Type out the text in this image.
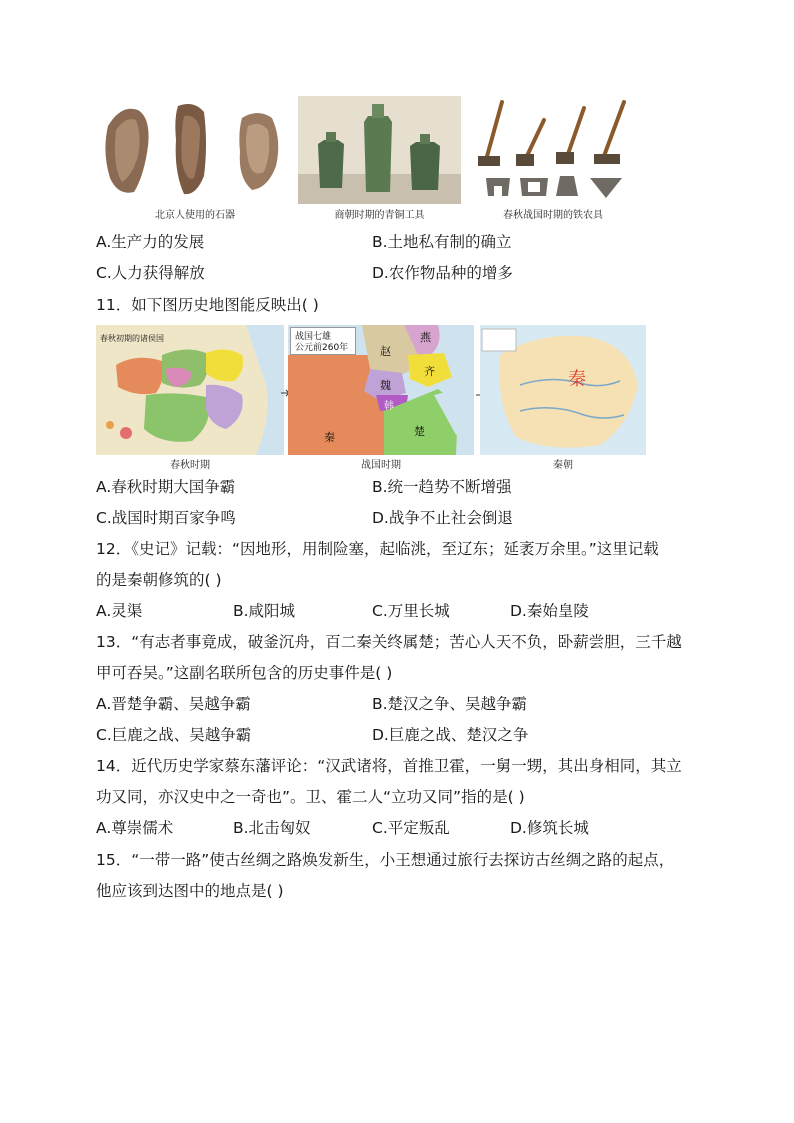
北京人使用的石器	商朝时期的青铜工具	春秋战国时期的铁农具
A.生产力的发展	B.土地私有制的确立
C.人力获得解放	D.农作物品种的增多
11．如下图历史地图能反映出( )
春秋初期的诸侯国
春秋时期
战国七雄
公元前260年	赵
燕
齐
魏
韩
楚
秦
战国时期
秦
秦朝
A.春秋时期大国争霸	B.统一趋势不断增强
C.战国时期百家争鸣	D.战争不止社会倒退
12．《史记》记载：“因地形，用制险塞，起临洮，至辽东；延袤万余里。”这里记载
的是秦朝修筑的( )
A.灵渠	B.咸阳城	C.万里长城	D.秦始皇陵
13．“有志者事竟成，破釜沉舟，百二秦关终属楚；苦心人天不负，卧薪尝胆，三千越
甲可吞吴。”这副名联所包含的历史事件是( )
A.晋楚争霸、吴越争霸	B.楚汉之争、吴越争霸
C.巨鹿之战、吴越争霸	D.巨鹿之战、楚汉之争
14．近代历史学家蔡东藩评论：“汉武诸将，首推卫霍，一舅一甥，其出身相同，其立
功又同，亦汉史中之一奇也”。卫、霍二人“立功又同”指的是( )
A.尊崇儒术	B.北击匈奴	C.平定叛乱	D.修筑长城
15．“一带一路”使古丝绸之路焕发新生，小王想通过旅行去探访古丝绸之路的起点，
他应该到达图中的地点是( )
